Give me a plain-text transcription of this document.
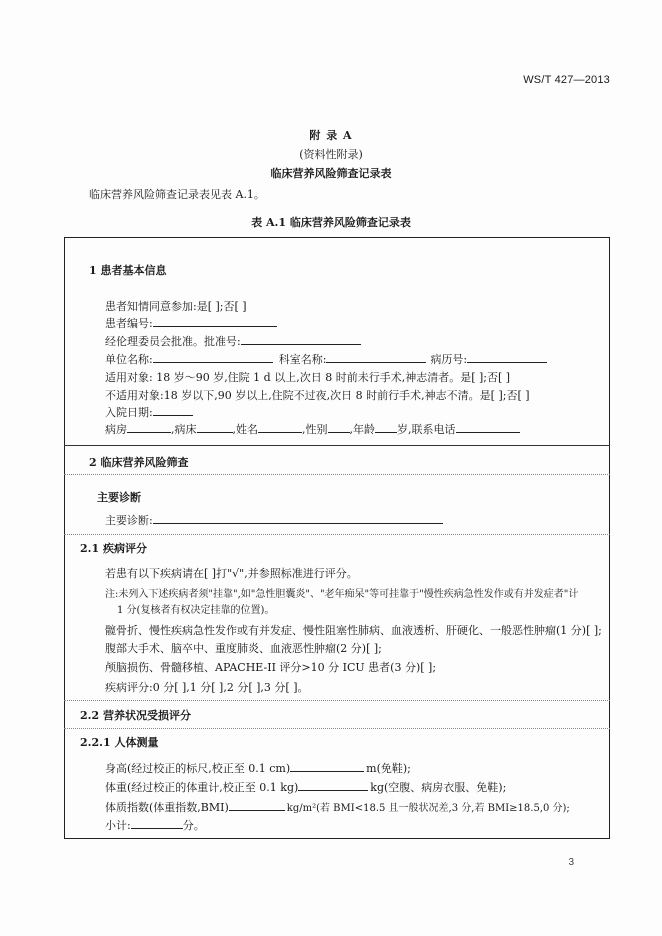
WS/T 427—2013
附 录 A
(资料性附录)
临床营养风险筛查记录表
临床营养风险筛查记录表见表 A.1。
表 A.1 临床营养风险筛查记录表
1 患者基本信息
患者知情同意参加:是[ ];否[ ]
患者编号:
经伦理委员会批准。批准号:
单位名称:	科室名称:	病历号:
适用对象: 18 岁～90 岁,住院 1 d 以上,次日 8 时前未行手术,神志清者。是[ ];否[ ]
不适用对象:18 岁以下,90 岁以上,住院不过夜,次日 8 时前行手术,神志不清。是[ ];否[ ]
入院日期:
病房	,病床	,姓名	,性别 ,年龄 岁,联系电话
2 临床营养风险筛查
主要诊断
主要诊断:
2.1 疾病评分
若患有以下疾病请在[ ]打"√",并参照标准进行评分。
注:未列入下述疾病者须"挂靠",如"急性胆囊炎"、"老年痴呆"等可挂靠于"慢性疾病急性发作或有并发症者"计
1 分(复核者有权决定挂靠的位置)。
髋骨折、慢性疾病急性发作或有并发症、慢性阻塞性肺病、血液透析、肝硬化、一般恶性肿瘤(1 分)[ ];
腹部大手术、脑卒中、重度肺炎、血液恶性肿瘤(2 分)[ ];
颅脑损伤、骨髓移植、APACHE-II 评分>10 分 ICU 患者(3 分)[ ];
疾病评分:0 分[ ],1 分[ ],2 分[ ],3 分[ ]。
2.2 营养状况受损评分
2.2.1 人体测量
身高(经过校正的标尺,校正至 0.1 cm)	m(免鞋);
体重(经过校正的体重计,校正至 0.1 kg)	kg(空腹、病房衣服、免鞋);
体质指数(体重指数,BMI)	kg/m²(若 BMI<18.5 且一般状况差,3 分,若 BMI≥18.5,0 分);
小计:	分。
3
